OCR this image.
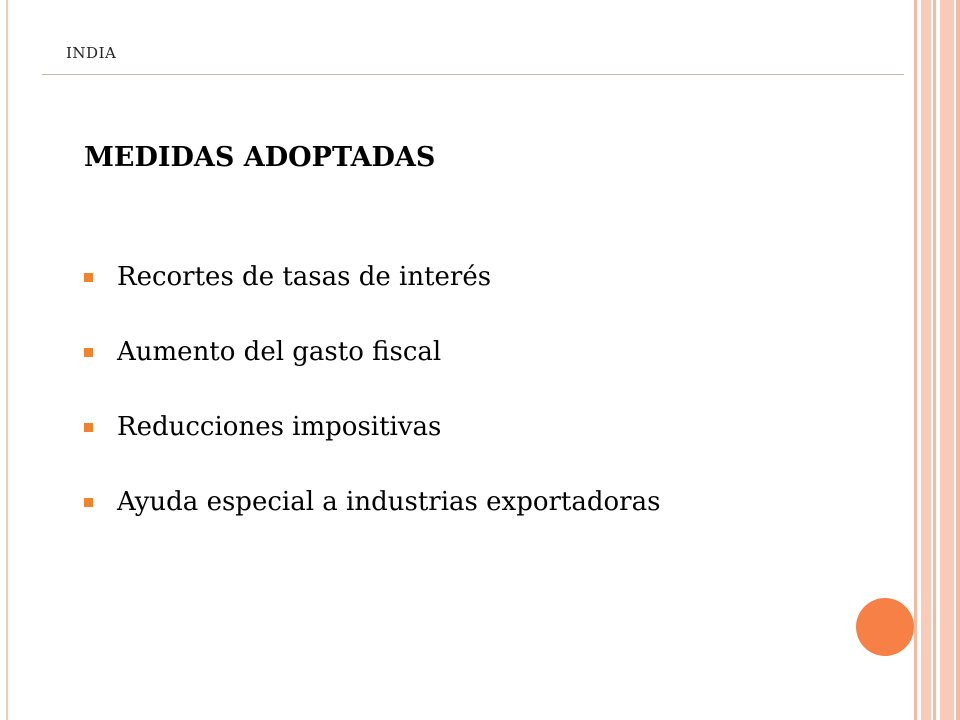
INDIA
MEDIDAS ADOPTADAS
Recortes de tasas de interés
Aumento del gasto fiscal
Reducciones impositivas
Ayuda especial a industrias exportadoras
